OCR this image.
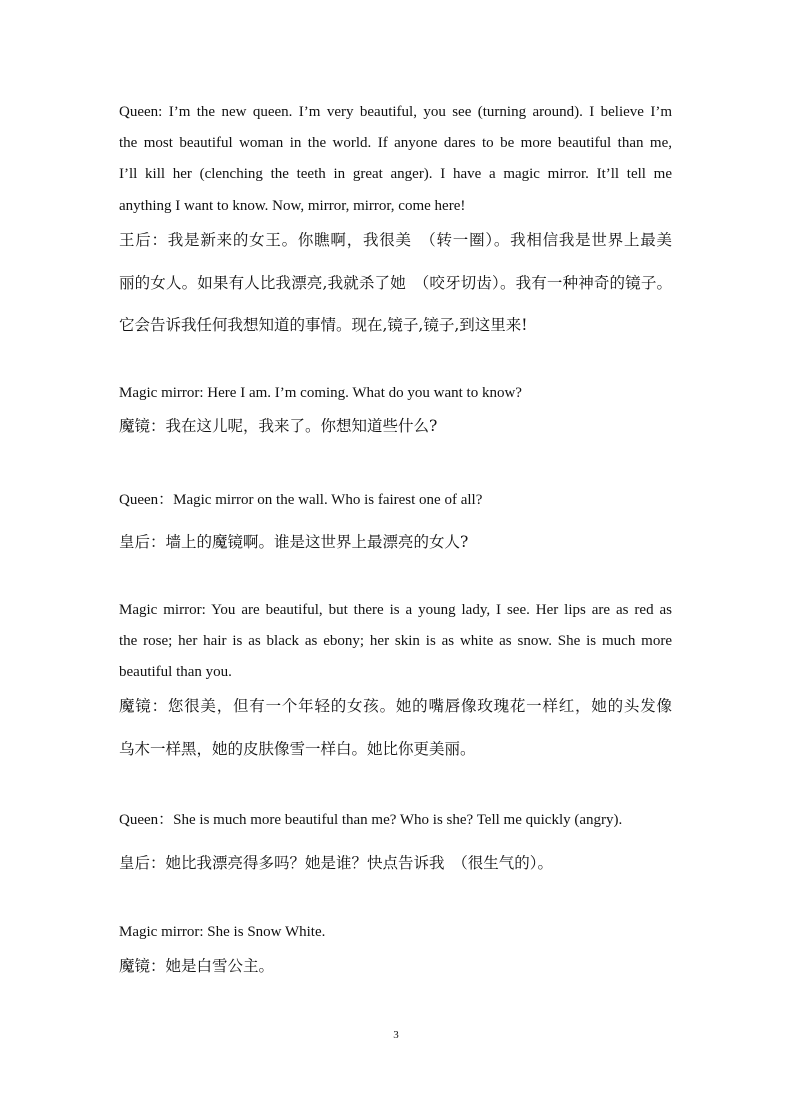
Queen: I’m the new queen. I’m very beautiful, you see (turning around). I believe I’m
the most beautiful woman in the world. If anyone dares to be more beautiful than me,
I’ll kill her (clenching the teeth in great anger). I have a magic mirror. It’ll tell me
anything I want to know. Now, mirror, mirror, come here!
王后：我是新来的女王。你瞧啊，我很美　（转一圈）。我相信我是世界上最美
丽的女人。如果有人比我漂亮,我就杀了她　（咬牙切齿）。我有一种神奇的镜子。
它会告诉我任何我想知道的事情。现在,镜子,镜子,到这里来!
Magic mirror: Here I am. I’m coming. What do you want to know?
魔镜：我在这儿呢，我来了。你想知道些什么?
Queen：Magic mirror on the wall. Who is fairest one of all?
皇后：墙上的魔镜啊。谁是这世界上最漂亮的女人?
Magic mirror: You are beautiful, but there is a young lady, I see. Her lips are as red as
the rose; her hair is as black as ebony; her skin is as white as snow. She is much more
beautiful than you.
魔镜：您很美，但有一个年轻的女孩。她的嘴唇像玫瑰花一样红，她的头发像
乌木一样黑，她的皮肤像雪一样白。她比你更美丽。
Queen：She is much more beautiful than me? Who is she? Tell me quickly (angry).
皇后：她比我漂亮得多吗？她是谁？快点告诉我　（很生气的）。
Magic mirror: She is Snow White.
魔镜：她是白雪公主。
3
